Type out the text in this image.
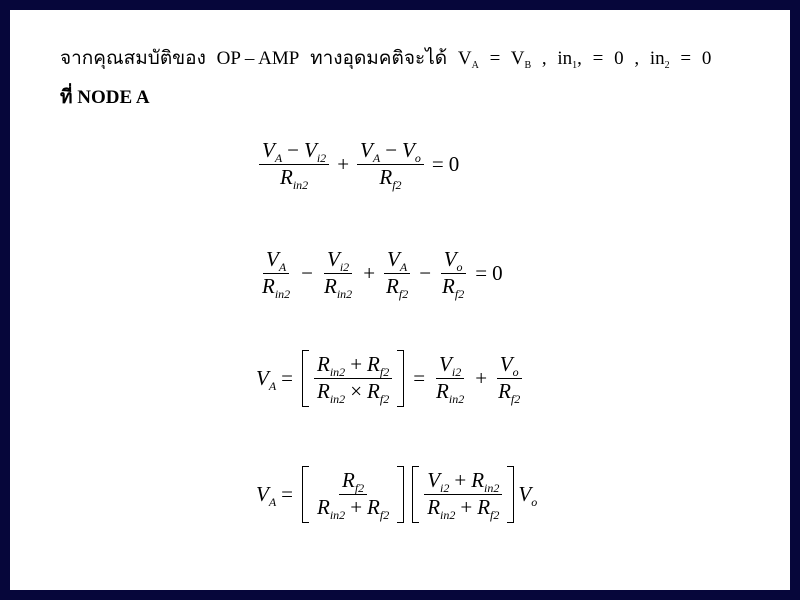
จากคุณสมบัติของ OP – AMP ทางอุดมคติจะได้ $V_A = V_B$ , $in_1$, = 0 , $in_2 = 0$
ที่ NODE A
$\frac{V_A - V_{i2}}{R_{in2}} + \frac{V_A - V_o}{R_{f2}} = 0$
$\frac{V_A}{R_{in2}} - \frac{V_{i2}}{R_{in2}} + \frac{V_A}{R_{f2}} - \frac{V_o}{R_{f2}} = 0$
$V_A = \frac{R_{in2} + R_{f2}}{R_{in2} \times R_{f2}} = \frac{V_{i2}}{R_{in2}} + \frac{V_o}{R_{f2}}$
$V_A = \frac{R_{f2}}{R_{in2} + R_{f2}} \frac{V_{i2} + R_{in2}}{R_{in2} + R_{f2}} V_o$
